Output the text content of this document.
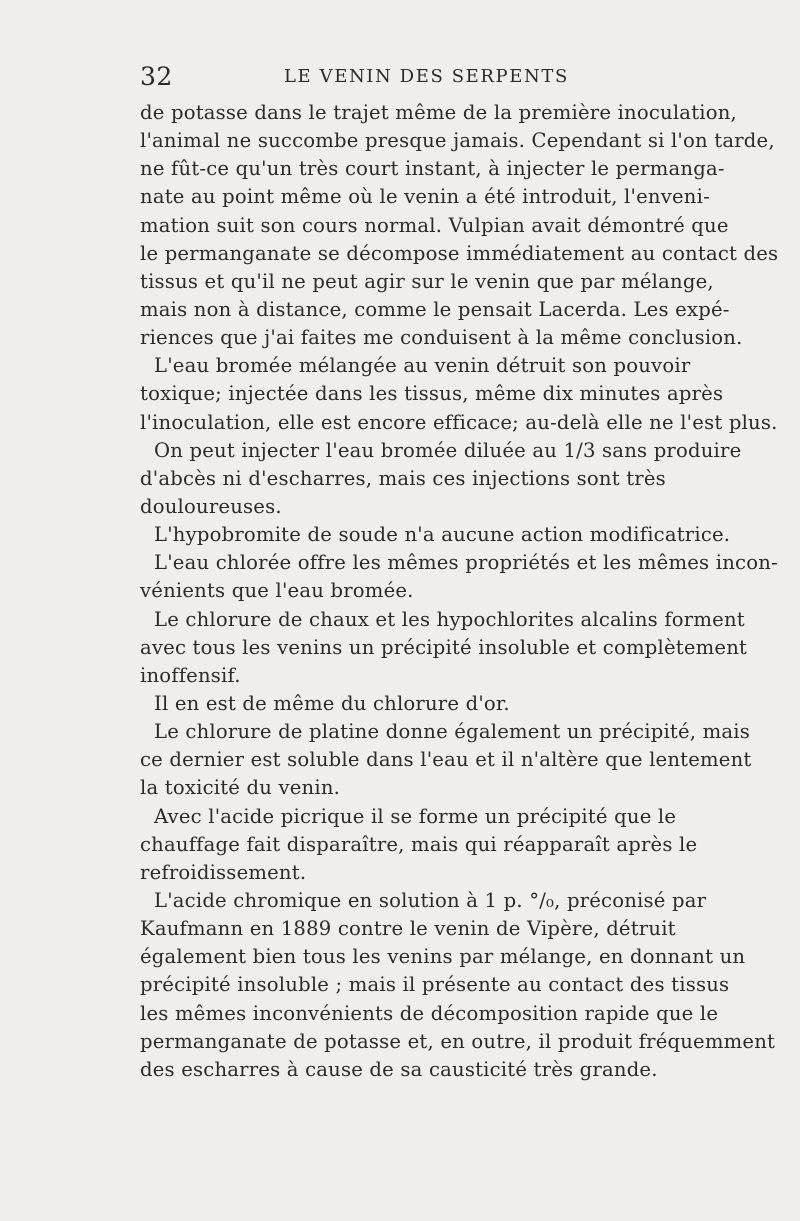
32	LE VENIN DES SERPENTS
de potasse dans le trajet même de la première inoculation,
l'animal ne succombe presque jamais. Cependant si l'on tarde,
ne fût-ce qu'un très court instant, à injecter le permanga-
nate au point même où le venin a été introduit, l'enveni-
mation suit son cours normal. Vulpian avait démontré que
le permanganate se décompose immédiatement au contact des
tissus et qu'il ne peut agir sur le venin que par mélange,
mais non à distance, comme le pensait Lacerda. Les expé-
riences que j'ai faites me conduisent à la même conclusion.
L'eau bromée mélangée au venin détruit son pouvoir
toxique; injectée dans les tissus, même dix minutes après
l'inoculation, elle est encore efficace; au-delà elle ne l'est plus.
On peut injecter l'eau bromée diluée au 1/3 sans produire
d'abcès ni d'escharres, mais ces injections sont très
douloureuses.
L'hypobromite de soude n'a aucune action modificatrice.
L'eau chlorée offre les mêmes propriétés et les mêmes incon-
vénients que l'eau bromée.
Le chlorure de chaux et les hypochlorites alcalins forment
avec tous les venins un précipité insoluble et complètement
inoffensif.
Il en est de même du chlorure d'or.
Le chlorure de platine donne également un précipité, mais
ce dernier est soluble dans l'eau et il n'altère que lentement
la toxicité du venin.
Avec l'acide picrique il se forme un précipité que le
chauffage fait disparaître, mais qui réapparaît après le
refroidissement.
L'acide chromique en solution à 1 p. °/₀, préconisé par
Kaufmann en 1889 contre le venin de Vipère, détruit
également bien tous les venins par mélange, en donnant un
précipité insoluble ; mais il présente au contact des tissus
les mêmes inconvénients de décomposition rapide que le
permanganate de potasse et, en outre, il produit fréquemment
des escharres à cause de sa causticité très grande.
